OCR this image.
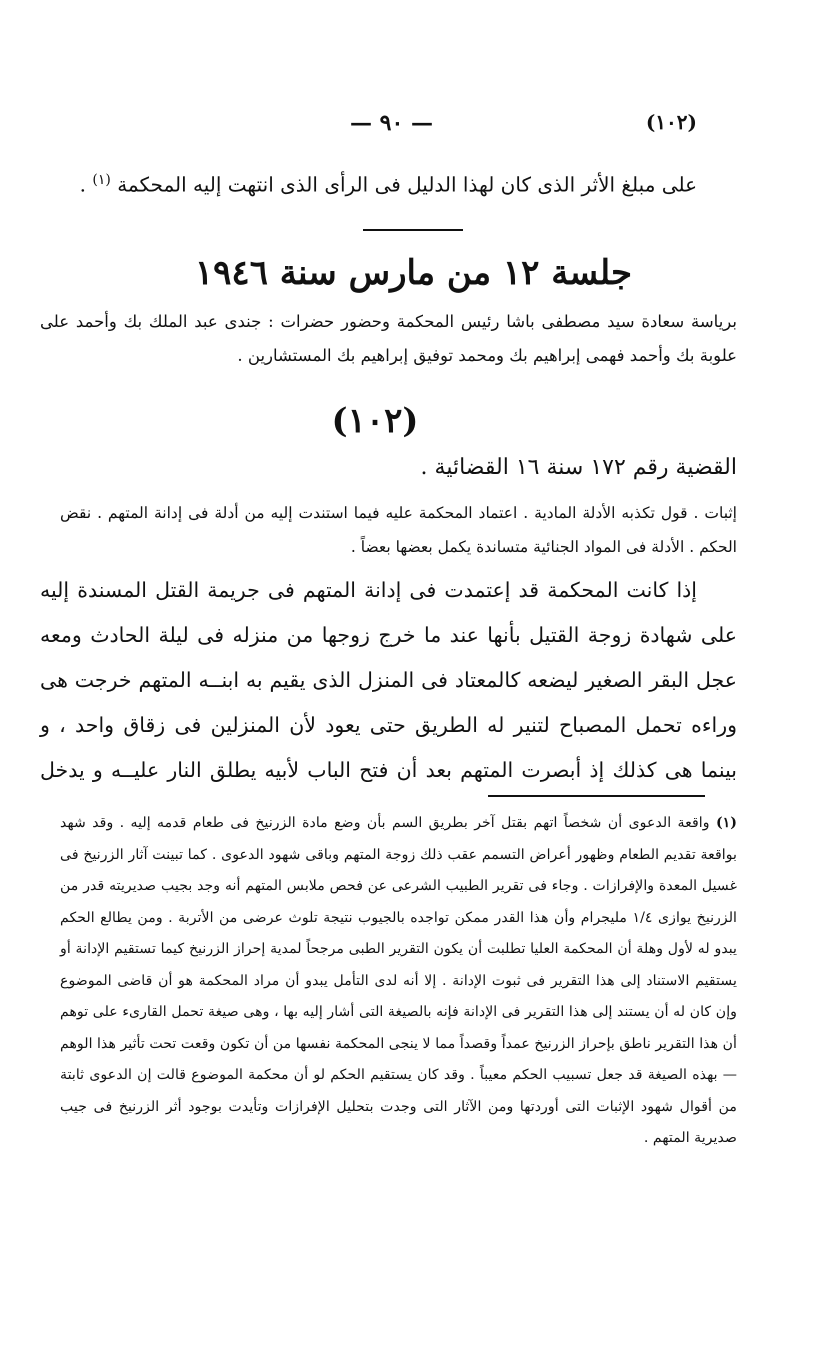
(١٠٢)
— ٩٠ —
على مبلغ الأثر الذى كان لهذا الدليل فى الرأى الذى انتهت إليه المحكمة $^{(١)}$ .
جلسة ١٢ من مارس سنة ١٩٤٦
برياسة سعادة سيد مصطفى باشا رئيس المحكمة وحضور حضرات : جندى عبد الملك بك وأحمد على علوبة بك وأحمد فهمى إبراهيم بك ومحمد توفيق إبراهيم بك المستشارين .
(١٠٢)
القضية رقم ١٧٢ سنة ١٦ القضائية .
إثبات . قول تكذبه الأدلة المادية . اعتماد المحكمة عليه فيما استندت إليه من أدلة فى إدانة المتهم . نقض الحكم . الأدلة فى المواد الجنائية متساندة يكمل بعضها بعضاً .
إذا كانت المحكمة قد إعتمدت فى إدانة المتهم فى جريمة القتل المسندة إليه على شهادة زوجة القتيل بأنها عند ما خرج زوجها من منزله فى ليلة الحادث ومعه عجل البقر الصغير ليضعه كالمعتاد فى المنزل الذى يقيم به ابنــه المتهم خرجت هى وراءه تحمل المصباح لتنير له الطريق حتى يعود لأن المنزلين فى زقاق واحد ، و بينما هى كذلك إذ أبصرت المتهم بعد أن فتح الباب لأبيه يطلق النار عليــه و يدخل
(١) واقعة الدعوى أن شخصاً اتهم بقتل آخر بطريق السم بأن وضع مادة الزرنيخ فى طعام قدمه إليه . وقد شهد بواقعة تقديم الطعام وظهور أعراض التسمم عقب ذلك زوجة المتهم وباقى شهود الدعوى . كما تبينت آثار الزرنيخ فى غسيل المعدة والإفرازات . وجاء فى تقرير الطبيب الشرعى عن فحص ملابس المتهم أنه وجد بجيب صديريته قدر من الزرنيخ يوازى ١/٤ مليجرام وأن هذا القدر ممكن تواجده بالجيوب نتيجة تلوث عرضى من الأتربة . ومن يطالع الحكم يبدو له لأول وهلة أن المحكمة العليا تطلبت أن يكون التقرير الطبى مرجحاً لمدية إحراز الزرنيخ كيما تستقيم الإدانة أو يستقيم الاستناد إلى هذا التقرير فى ثبوت الإدانة . إلا أنه لدى التأمل يبدو أن مراد المحكمة هو أن قاضى الموضوع وإن كان له أن يستند إلى هذا التقرير فى الإدانة فإنه بالصيغة التى أشار إليه بها ، وهى صيغة تحمل القارىء على توهم أن هذا التقرير ناطق بإحراز الزرنيخ عمداً وقصداً مما لا ينجى المحكمة نفسها من أن تكون وقعت تحت تأثير هذا الوهم — بهذه الصيغة قد جعل تسبيب الحكم معيباً . وقد كان يستقيم الحكم لو أن محكمة الموضوع قالت إن الدعوى ثابتة من أقوال شهود الإثبات التى أوردتها ومن الآثار التى وجدت بتحليل الإفرازات وتأيدت بوجود أثر الزرنيخ فى جيب صديرية المتهم .
